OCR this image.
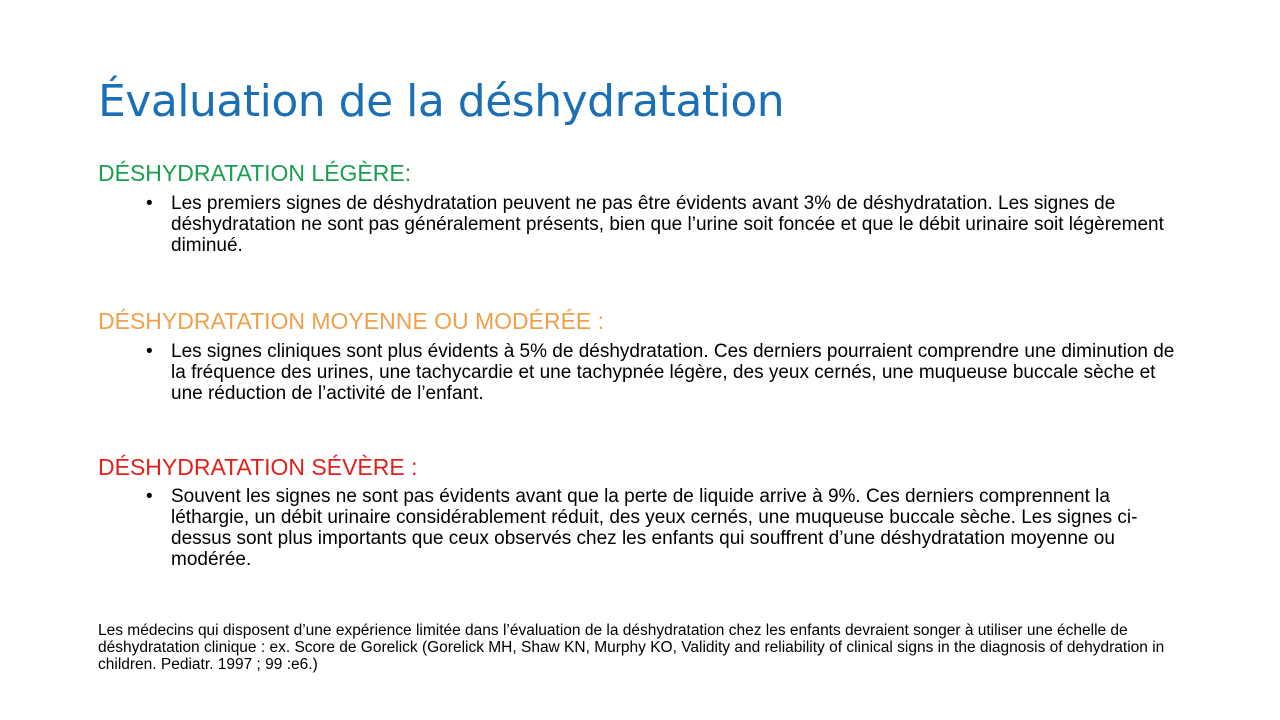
Évaluation de la déshydratation
DÉSHYDRATATION LÉGÈRE:
• Les premiers signes de déshydratation peuvent ne pas être évidents avant 3% de déshydratation. Les signes de déshydratation ne sont pas généralement présents, bien que l’urine soit foncée et que le débit urinaire soit légèrement diminué.
DÉSHYDRATATION MOYENNE OU MODÉRÉE :
• Les signes cliniques sont plus évidents à 5% de déshydratation. Ces derniers pourraient comprendre une diminution de la fréquence des urines, une tachycardie et une tachypnée légère, des yeux cernés, une muqueuse buccale sèche et une réduction de l’activité de l’enfant.
DÉSHYDRATATION SÉVÈRE :
• Souvent les signes ne sont pas évidents avant que la perte de liquide arrive à 9%. Ces derniers comprennent la léthargie, un débit urinaire considérablement réduit, des yeux cernés, une muqueuse buccale sèche. Les signes ci-dessus sont plus importants que ceux observés chez les enfants qui souffrent d’une déshydratation moyenne ou modérée.

Les médecins qui disposent d’une expérience limitée dans l’évaluation de la déshydratation chez les enfants devraient songer à utiliser une échelle de déshydratation clinique : ex. Score de Gorelick (Gorelick MH, Shaw KN, Murphy KO, Validity and reliability of clinical signs in the diagnosis of dehydration in children. Pediatr. 1997 ; 99 :e6.)
